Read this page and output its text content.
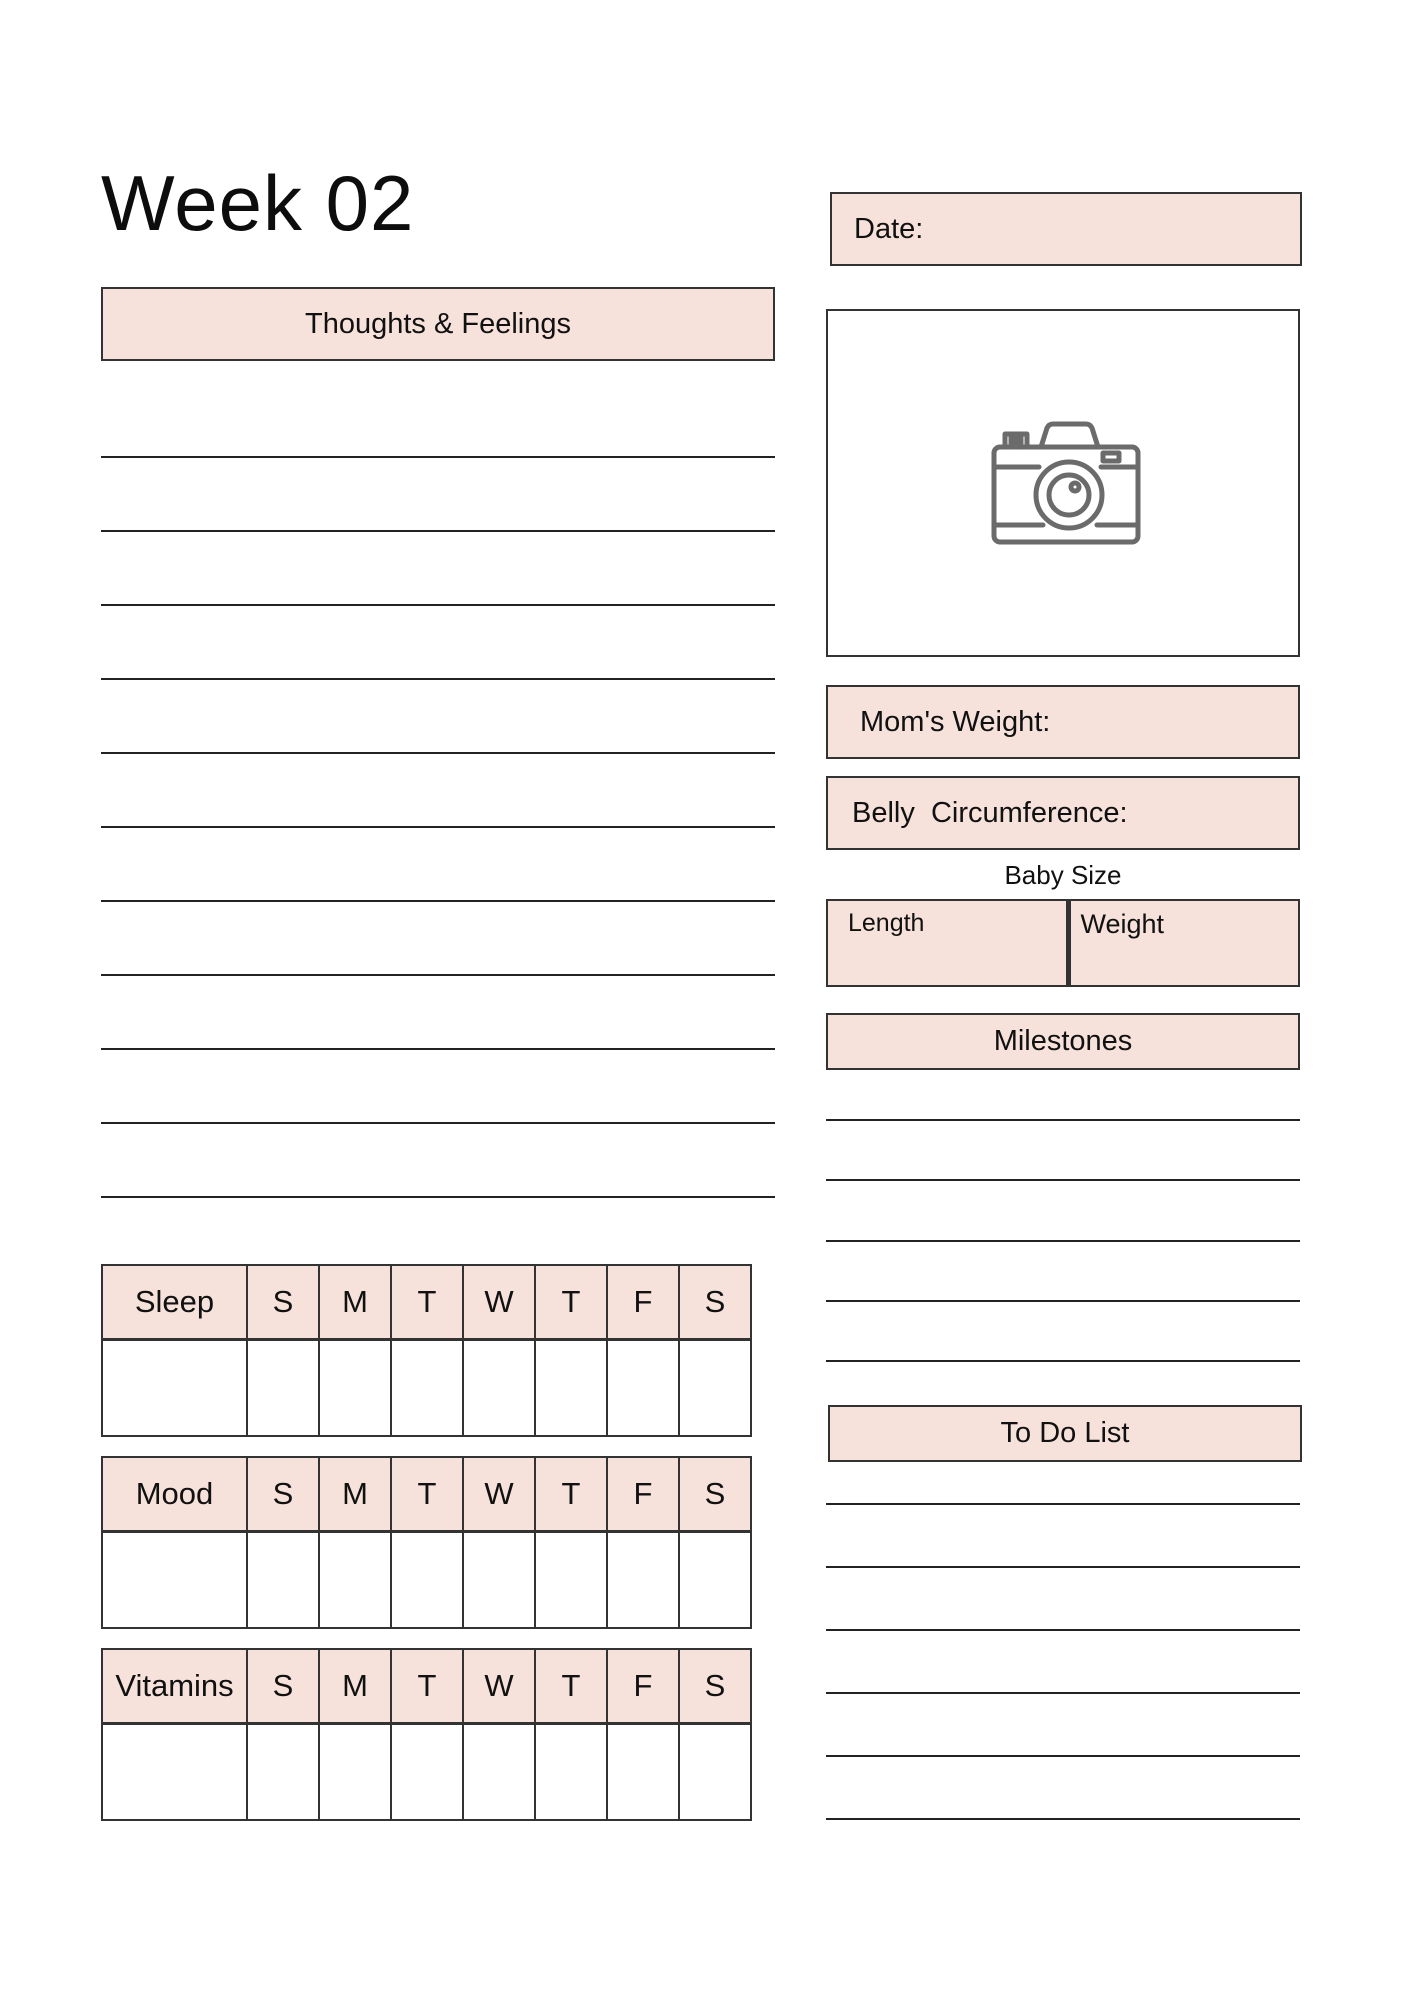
Week 02	Date:
Thoughts & Feelings
Mom's Weight:
Belly  Circumference:
Baby Size
Length	Weight
Milestones
To Do List
Sleep	S	M	T	W	T	F	S

Mood	S	M	T	W	T	F	S

Vitamins	S	M	T	W	T	F	S
